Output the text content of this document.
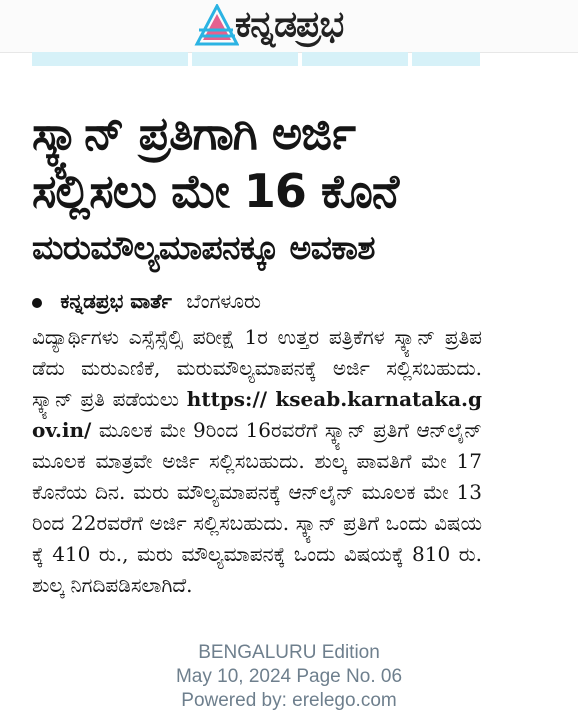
ಕನ್ನಡಪ್ರಭ
ಸ್ಕ್ಯಾನ್ ಪ್ರತಿಗಾಗಿ ಅರ್ಜಿ
ಸಲ್ಲಿಸಲು ಮೇ 16 ಕೊನೆ
ಮರುಮೌಲ್ಯಮಾಪನಕ್ಕೂ ಅವಕಾಶ
ಕನ್ನಡಪ್ರಭ ವಾರ್ತೆ ಬೆಂಗಳೂರು
ವಿದ್ಯಾರ್ಥಿಗಳು ಎಸ್ಸೆಸ್ಸೆಲ್ಸಿ ಪರೀಕ್ಷೆ 1ರ ಉತ್ತರ ಪತ್ರಿಕೆಗಳ ಸ್ಕ್ಯಾನ್ ಪ್ರತಿಪಡೆದು ಮರುಎಣಿಕೆ, ಮರುಮೌಲ್ಯಮಾಪನಕ್ಕೆ ಅರ್ಜಿ ಸಲ್ಲಿಸಬಹುದು. ಸ್ಕ್ಯಾನ್ ಪ್ರತಿ ಪಡೆಯಲು https:// kseab.karnataka.gov.in/ ಮೂಲಕ ಮೇ 9ರಿಂದ 16ರವರೆಗೆ ಸ್ಕ್ಯಾನ್ ಪ್ರತಿಗೆ ಆನ್‌ಲೈನ್ ಮೂಲಕ ಮಾತ್ರವೇ ಅರ್ಜಿ ಸಲ್ಲಿಸಬಹುದು. ಶುಲ್ಕ ಪಾವತಿಗೆ ಮೇ 17 ಕೊನೆಯ ದಿನ. ಮರು ಮೌಲ್ಯಮಾಪನಕ್ಕೆ ಆನ್‌ಲೈನ್ ಮೂಲಕ ಮೇ 13ರಿಂದ 22ರವರೆಗೆ ಅರ್ಜಿ ಸಲ್ಲಿಸಬಹುದು. ಸ್ಕ್ಯಾನ್ ಪ್ರತಿಗೆ ಒಂದು ವಿಷಯಕ್ಕೆ 410 ರು., ಮರು ಮೌಲ್ಯಮಾಪನಕ್ಕೆ ಒಂದು ವಿಷಯಕ್ಕೆ 810 ರು. ಶುಲ್ಕ ನಿಗದಿಪಡಿಸಲಾಗಿದೆ.
BENGALURU Edition
May 10, 2024 Page No. 06
Powered by: erelego.com
